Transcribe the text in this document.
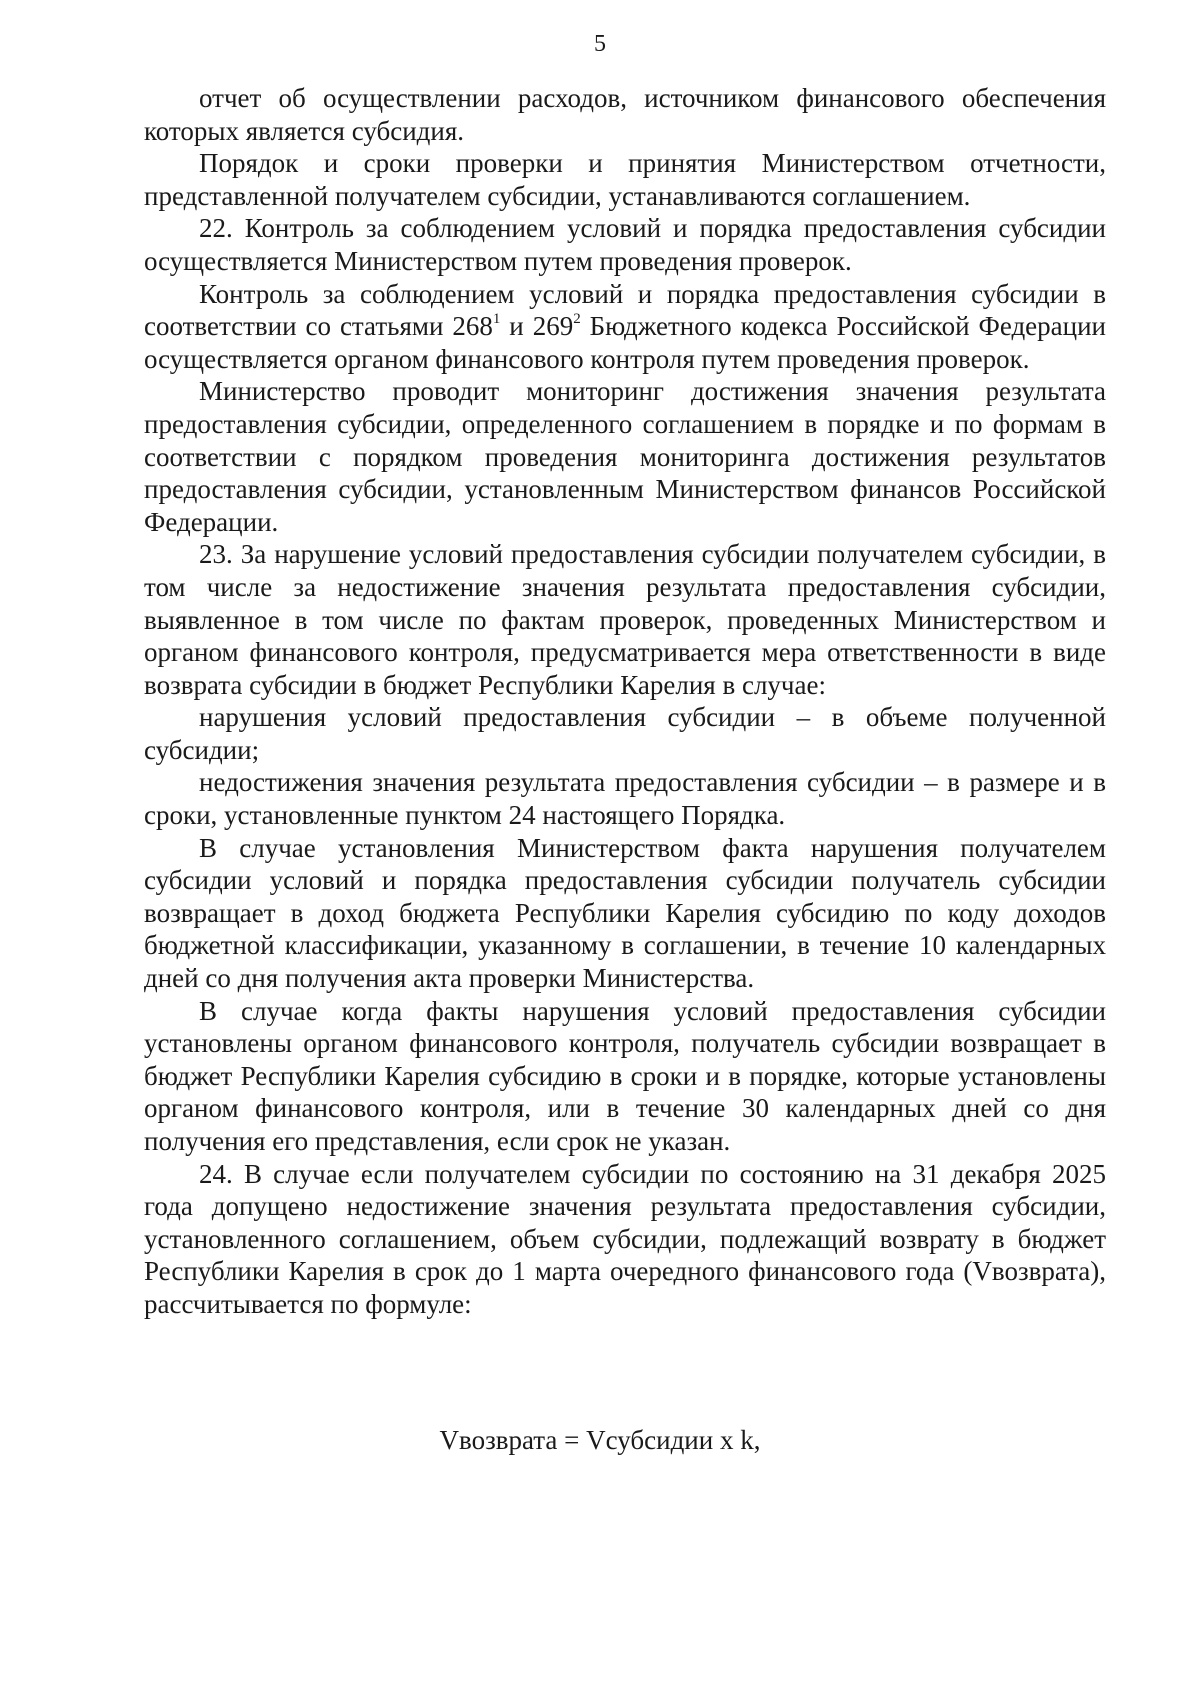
5

отчет об осуществлении расходов, источником финансового обеспечения которых является субсидия.

Порядок и сроки проверки и принятия Министерством отчетности, представленной получателем субсидии, устанавливаются соглашением.

22. Контроль за соблюдением условий и порядка предоставления субсидии осуществляется Министерством путем проведения проверок.

Контроль за соблюдением условий и порядка предоставления субсидии в соответствии со статьями $268^1$ и $269^2$ Бюджетного кодекса Российской Федерации осуществляется органом финансового контроля путем проведения проверок.

Министерство проводит мониторинг достижения значения результата предоставления субсидии, определенного соглашением в порядке и по формам в соответствии с порядком проведения мониторинга достижения результатов предоставления субсидии, установленным Министерством финансов Российской Федерации.

23. За нарушение условий предоставления субсидии получателем субсидии, в том числе за недостижение значения результата предоставления субсидии, выявленное в том числе по фактам проверок, проведенных Министерством и органом финансового контроля, предусматривается мера ответственности в виде возврата субсидии в бюджет Республики Карелия в случае:

нарушения условий предоставления субсидии – в объеме полученной субсидии;

недостижения значения результата предоставления субсидии – в размере и в сроки, установленные пунктом 24 настоящего Порядка.

В случае установления Министерством факта нарушения получателем субсидии условий и порядка предоставления субсидии получатель субсидии возвращает в доход бюджета Республики Карелия субсидию по коду доходов бюджетной классификации, указанному в соглашении, в течение 10 календарных дней со дня получения акта проверки Министерства.

В случае когда факты нарушения условий предоставления субсидии установлены органом финансового контроля, получатель субсидии возвращает в бюджет Республики Карелия субсидию в сроки и в порядке, которые установлены органом финансового контроля, или в течение 30 календарных дней со дня получения его представления, если срок не указан.

24. В случае если получателем субсидии по состоянию на 31 декабря 2025 года допущено недостижение значения результата предоставления субсидии, установленного соглашением, объем субсидии, подлежащий возврату в бюджет Республики Карелия в срок до 1 марта очередного финансового года (Vвозврата), рассчитывается по формуле:

Vвозврата = Vсубсидии х k,
